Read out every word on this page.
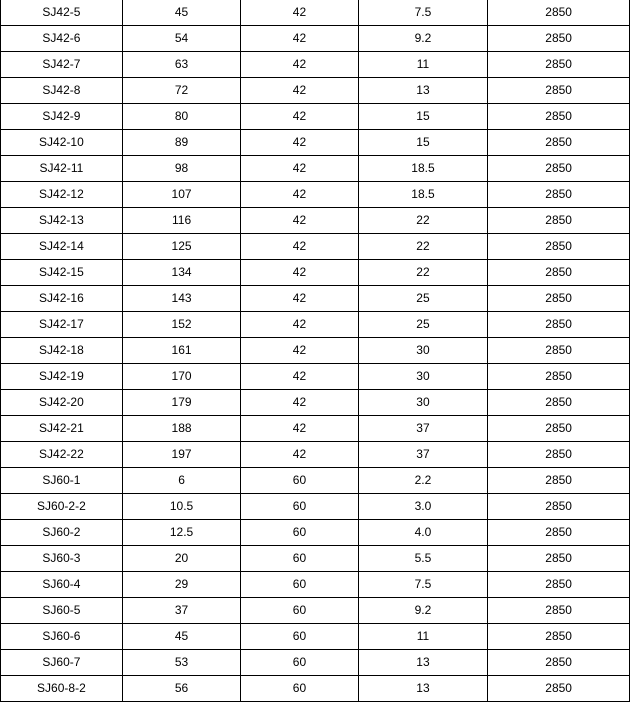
SJ42-5	45	42	7.5	2850
SJ42-6	54	42	9.2	2850
SJ42-7	63	42	11	2850
SJ42-8	72	42	13	2850
SJ42-9	80	42	15	2850
SJ42-10	89	42	15	2850
SJ42-11	98	42	18.5	2850
SJ42-12	107	42	18.5	2850
SJ42-13	116	42	22	2850
SJ42-14	125	42	22	2850
SJ42-15	134	42	22	2850
SJ42-16	143	42	25	2850
SJ42-17	152	42	25	2850
SJ42-18	161	42	30	2850
SJ42-19	170	42	30	2850
SJ42-20	179	42	30	2850
SJ42-21	188	42	37	2850
SJ42-22	197	42	37	2850
SJ60-1	6	60	2.2	2850
SJ60-2-2	10.5	60	3.0	2850
SJ60-2	12.5	60	4.0	2850
SJ60-3	20	60	5.5	2850
SJ60-4	29	60	7.5	2850
SJ60-5	37	60	9.2	2850
SJ60-6	45	60	11	2850
SJ60-7	53	60	13	2850
SJ60-8-2	56	60	13	2850
